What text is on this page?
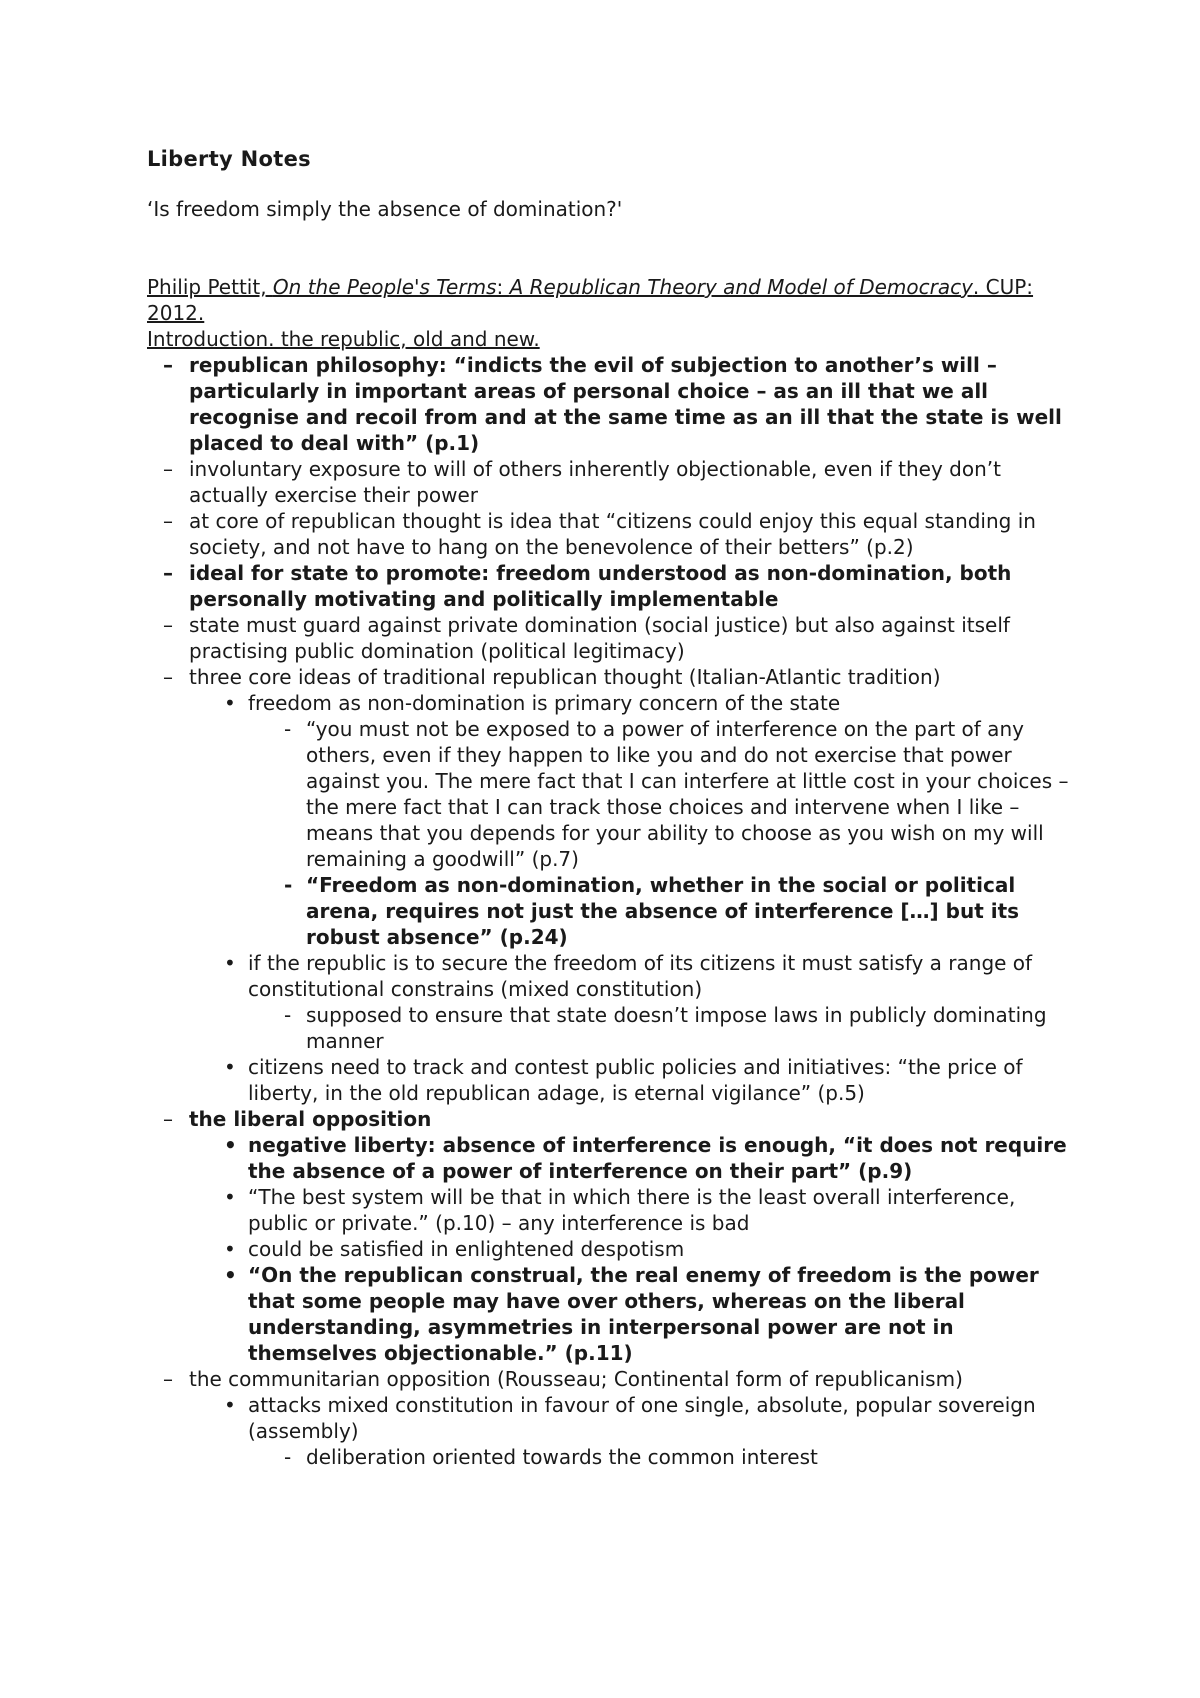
Liberty Notes
‘Is freedom simply the absence of domination?'
Philip Pettit, On the People's Terms: A Republican Theory and Model of Democracy. CUP: 2012.
Introduction. the republic, old and new.
– republican philosophy: “indicts the evil of subjection to another’s will – particularly in important areas of personal choice – as an ill that we all recognise and recoil from and at the same time as an ill that the state is well placed to deal with” (p.1)
– involuntary exposure to will of others inherently objectionable, even if they don’t actually exercise their power
– at core of republican thought is idea that “citizens could enjoy this equal standing in society, and not have to hang on the benevolence of their betters” (p.2)
– ideal for state to promote: freedom understood as non-domination, both personally motivating and politically implementable
– state must guard against private domination (social justice) but also against itself practising public domination (political legitimacy)
– three core ideas of traditional republican thought (Italian-Atlantic tradition)
• freedom as non-domination is primary concern of the state
- “you must not be exposed to a power of interference on the part of any others, even if they happen to like you and do not exercise that power against you. The mere fact that I can interfere at little cost in your choices – the mere fact that I can track those choices and intervene when I like – means that you depends for your ability to choose as you wish on my will remaining a goodwill” (p.7)
- “Freedom as non-domination, whether in the social or political arena, requires not just the absence of interference […] but its robust absence” (p.24)
• if the republic is to secure the freedom of its citizens it must satisfy a range of constitutional constrains (mixed constitution)
- supposed to ensure that state doesn’t impose laws in publicly dominating manner
• citizens need to track and contest public policies and initiatives: “the price of liberty, in the old republican adage, is eternal vigilance” (p.5)
– the liberal opposition
• negative liberty: absence of interference is enough, “it does not require the absence of a power of interference on their part” (p.9)
• “The best system will be that in which there is the least overall interference, public or private.” (p.10) – any interference is bad
• could be satisfied in enlightened despotism
• “On the republican construal, the real enemy of freedom is the power that some people may have over others, whereas on the liberal understanding, asymmetries in interpersonal power are not in themselves objectionable.” (p.11)
– the communitarian opposition (Rousseau; Continental form of republicanism)
• attacks mixed constitution in favour of one single, absolute, popular sovereign (assembly)
- deliberation oriented towards the common interest
